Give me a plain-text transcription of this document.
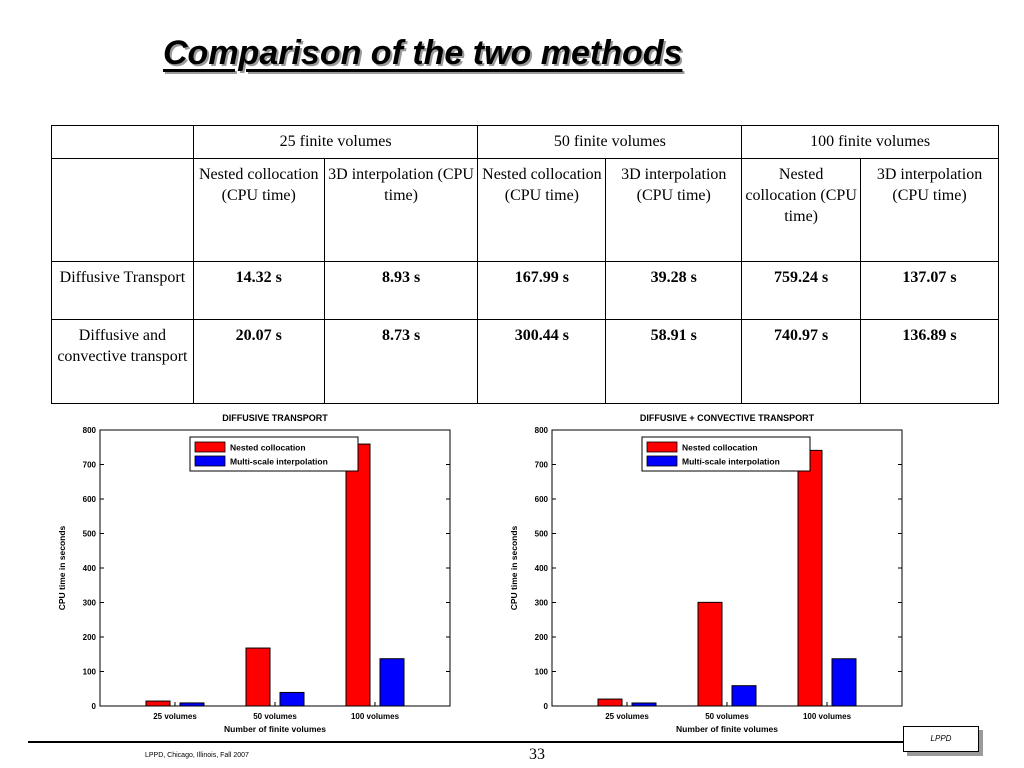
Comparison of the two methods
	25 finite volumes		50 finite volumes		100 finite volumes	
	Nested collocation (CPU time)	3D interpolation (CPU time)	Nested collocation (CPU time)	3D interpolation (CPU time)	Nested collocation (CPU time)	3D interpolation (CPU time)
Diffusive Transport	14.32 s	8.93 s	167.99 s	39.28 s	759.24 s	137.07 s
Diffusive and convective transport	20.07 s	8.73 s	300.44 s	58.91 s	740.97 s	136.89 s
DIFFUSIVE TRANSPORT
0
100
200
300
400
500
600
700
800
25 volumes	50 volumes	100 volumes
Number of finite volumes
CPU time in seconds
Nested collocation
Multi-scale interpolation
DIFFUSIVE + CONVECTIVE TRANSPORT
0
100
200
300
400
500
600
700
800
25 volumes	50 volumes	100 volumes
Number of finite volumes
CPU time in seconds
Nested collocation
Multi-scale interpolation
LPPD, Chicago, Illinois, Fall 2007	33
LPPD
